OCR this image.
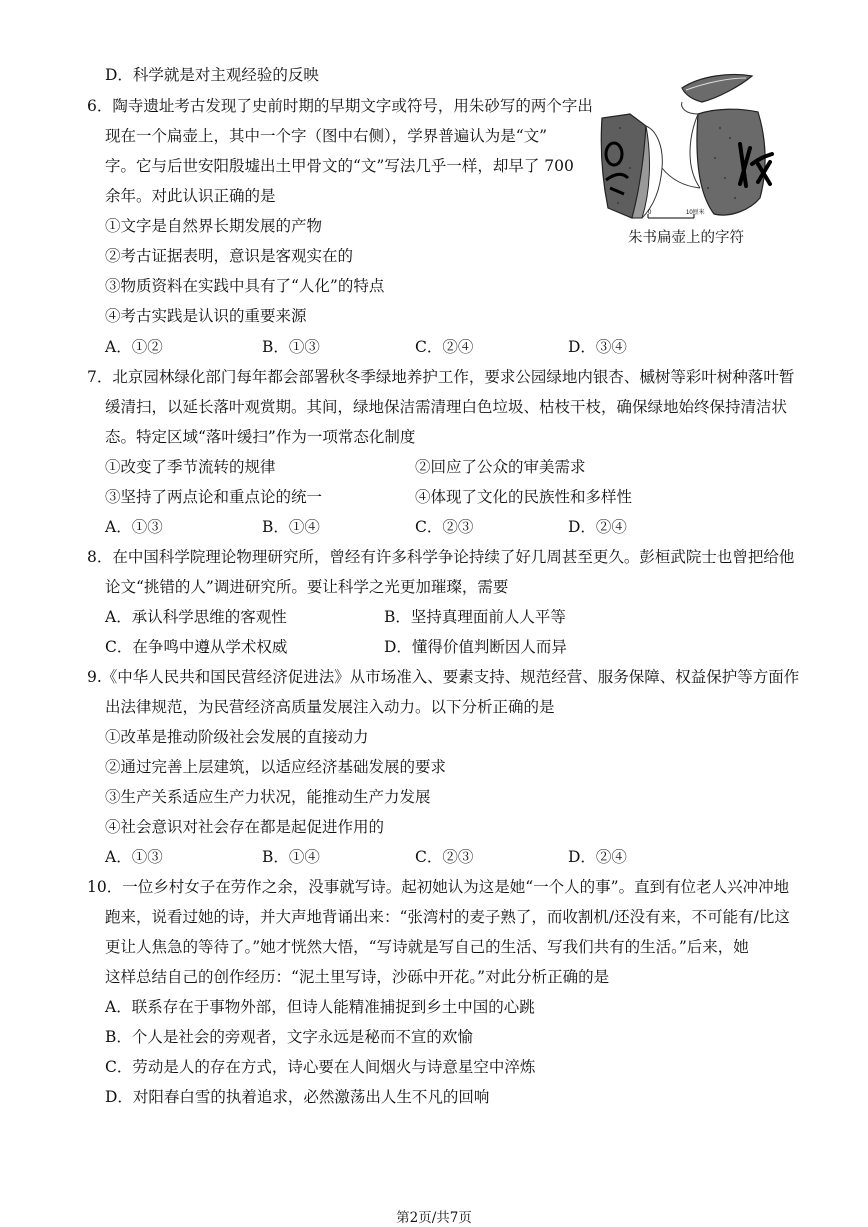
D．科学就是对主观经验的反映
6．陶寺遗址考古发现了史前时期的早期文字或符号，用朱砂写的两个字出
现在一个扁壶上，其中一个字（图中右侧），学界普遍认为是“文”
字。它与后世安阳殷墟出土甲骨文的“文”写法几乎一样，却早了 700
余年。对此认识正确的是
①文字是自然界长期发展的产物
②考古证据表明，意识是客观实在的
③物质资料在实践中具有了“人化”的特点
④考古实践是认识的重要来源
A．①②	B．①③	C．②④	D．③④
0	10厘米
朱书扁壶上的字符
7．北京园林绿化部门每年都会部署秋冬季绿地养护工作，要求公园绿地内银杏、槭树等彩叶树种落叶暂
缓清扫，以延长落叶观赏期。其间，绿地保洁需清理白色垃圾、枯枝干枝，确保绿地始终保持清洁状
态。特定区域“落叶缓扫”作为一项常态化制度
①改变了季节流转的规律	②回应了公众的审美需求
③坚持了两点论和重点论的统一	④体现了文化的民族性和多样性
A．①③	B．①④	C．②③	D．②④
8．在中国科学院理论物理研究所，曾经有许多科学争论持续了好几周甚至更久。彭桓武院士也曾把给他
论文“挑错的人”调进研究所。要让科学之光更加璀璨，需要
A．承认科学思维的客观性	B．坚持真理面前人人平等
C．在争鸣中遵从学术权威	D．懂得价值判断因人而异
9.《中华人民共和国民营经济促进法》从市场准入、要素支持、规范经营、服务保障、权益保护等方面作
出法律规范，为民营经济高质量发展注入动力。以下分析正确的是
①改革是推动阶级社会发展的直接动力
②通过完善上层建筑，以适应经济基础发展的要求
③生产关系适应生产力状况，能推动生产力发展
④社会意识对社会存在都是起促进作用的
A．①③	B．①④	C．②③	D．②④
10．一位乡村女子在劳作之余，没事就写诗。起初她认为这是她“一个人的事”。直到有位老人兴冲冲地
跑来，说看过她的诗，并大声地背诵出来：“张湾村的麦子熟了，而收割机/还没有来，不可能有/比这
更让人焦急的等待了。”她才恍然大悟，“写诗就是写自己的生活、写我们共有的生活。”后来，她
这样总结自己的创作经历：“泥土里写诗，沙砾中开花。”对此分析正确的是
A．联系存在于事物外部，但诗人能精准捕捉到乡土中国的心跳
B．个人是社会的旁观者，文字永远是秘而不宣的欢愉
C．劳动是人的存在方式，诗心要在人间烟火与诗意星空中淬炼
D．对阳春白雪的执着追求，必然激荡出人生不凡的回响
第2页/共7页
